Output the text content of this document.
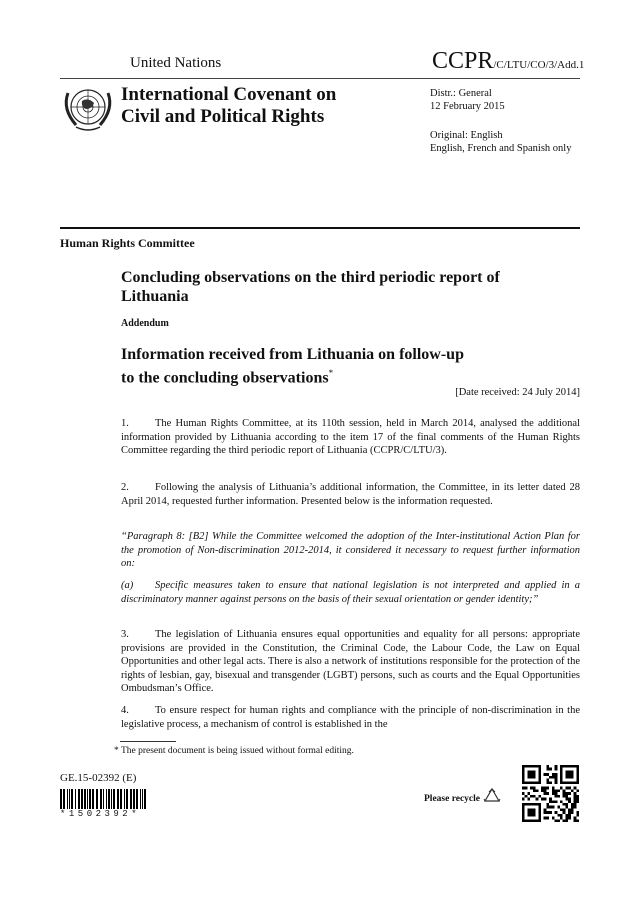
United Nations	CCPR/C/LTU/CO/3/Add.1
International Covenant on
Civil and Political Rights
Distr.: General
12 February 2015
Original: English
English, French and Spanish only
Human Rights Committee
Concluding observations on the third periodic report of Lithuania
Addendum
Information received from Lithuania on follow-up to the concluding observations*
[Date received: 24 July 2014]
1. The Human Rights Committee, at its 110th session, held in March 2014, analysed the additional information provided by Lithuania according to the item 17 of the final comments of the Human Rights Committee regarding the third periodic report of Lithuania (CCPR/C/LTU/3).
2. Following the analysis of Lithuania’s additional information, the Committee, in its letter dated 28 April 2014, requested further information. Presented below is the information requested.
“Paragraph 8: [B2] While the Committee welcomed the adoption of the Inter-institutional Action Plan for the promotion of Non-discrimination 2012-2014, it considered it necessary to request further information on:
(a) Specific measures taken to ensure that national legislation is not interpreted and applied in a discriminatory manner against persons on the basis of their sexual orientation or gender identity;”
3. The legislation of Lithuania ensures equal opportunities and equality for all persons: appropriate provisions are provided in the Constitution, the Criminal Code, the Labour Code, the Law on Equal Opportunities and other legal acts. There is also a network of institutions responsible for the protection of the rights of lesbian, gay, bisexual and transgender (LGBT) persons, such as courts and the Equal Opportunities Ombudsman’s Office.
4. To ensure respect for human rights and compliance with the principle of non-discrimination in the legislative process, a mechanism of control is established in the
* The present document is being issued without formal editing.
GE.15-02392 (E)
*1502392*
Please recycle
